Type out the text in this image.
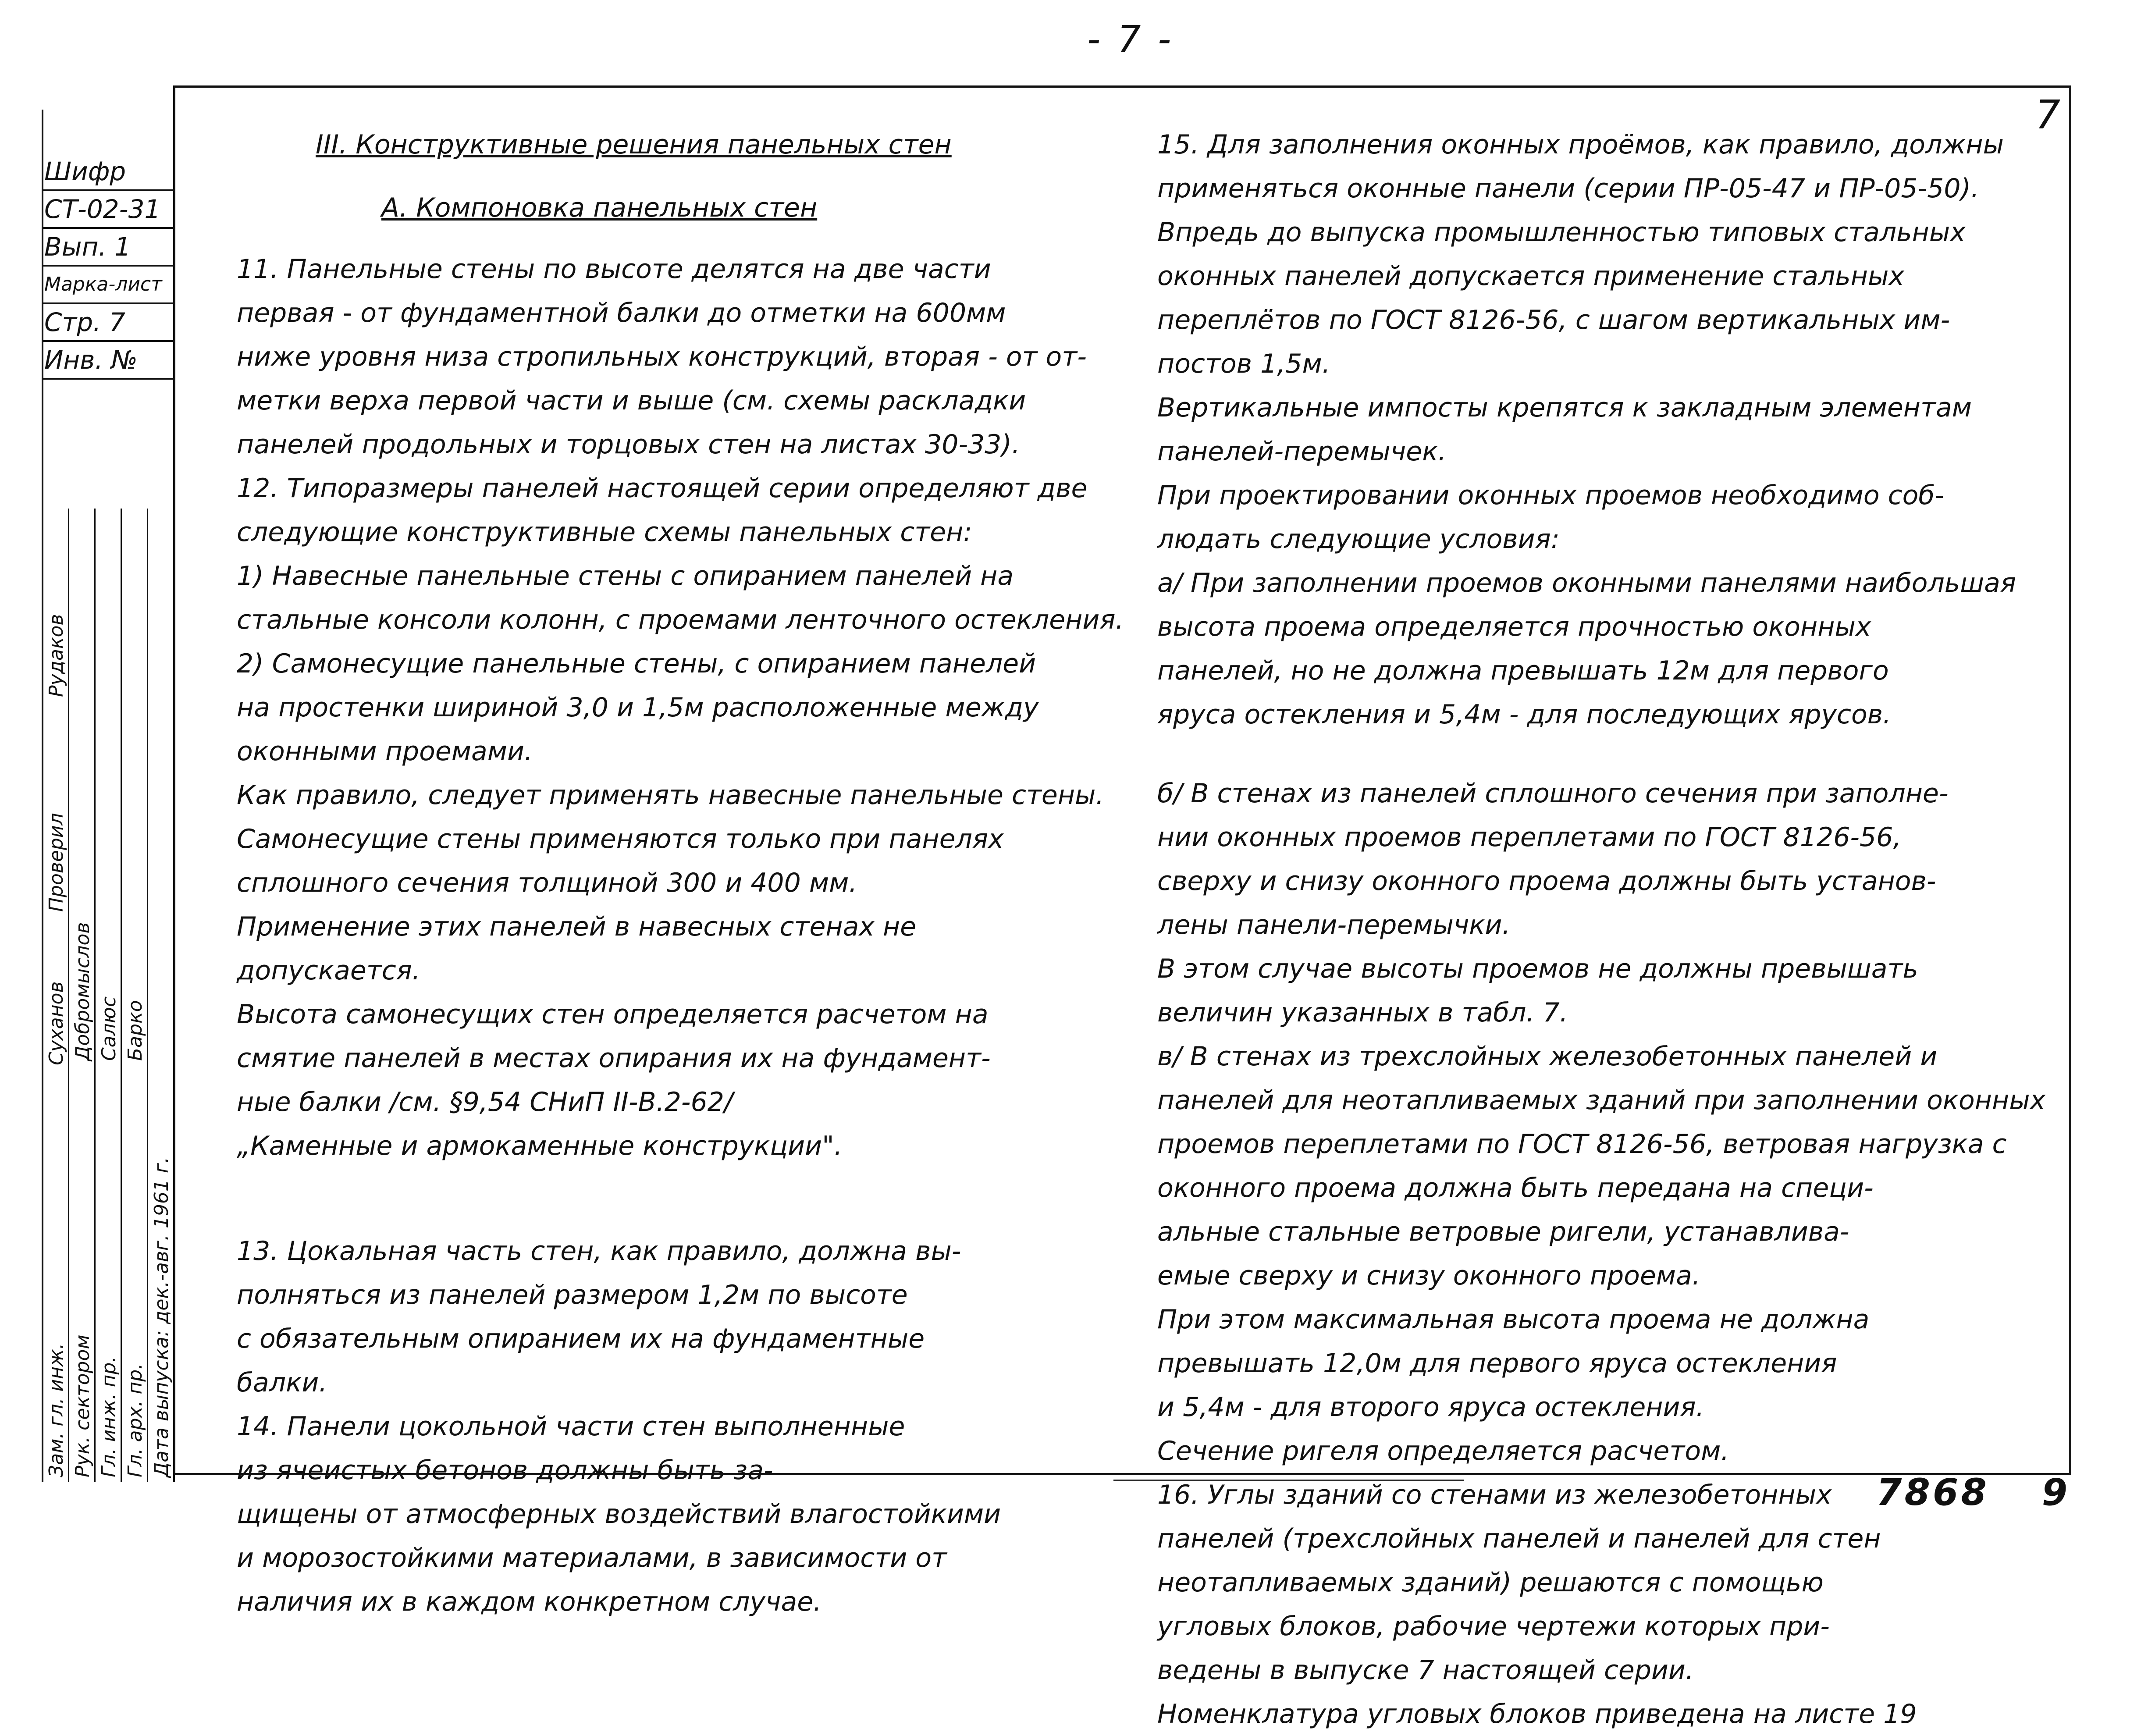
- 7 -
Шифр
СТ-02-31
Вып. 1
Марка-лист
Стр. 7
Инв. №
Зам. гл. инж. Рук. сектором Гл. инж. пр. Гл. арх. пр. Дата выпуска: дек.-авг. 1961 г.
Суханов Добромыслов Салюс Барко
Проверил
Рудаков
7

III. Конструктивные решения панельных стен

А. Компоновка панельных стен

11. Панельные стены по высоте делятся на две части

первая - от фундаментной балки до отметки на 600мм

ниже уровня низа стропильных конструкций, вторая - от от-

метки верха первой части и выше (см. схемы раскладки

панелей продольных и торцовых стен на листах 30-33).

12. Типоразмеры панелей настоящей серии определяют две

следующие конструктивные схемы панельных стен:

1) Навесные панельные стены с опиранием панелей на

стальные консоли колонн, с проемами ленточного остекления.

2) Самонесущие панельные стены, с опиранием панелей

на простенки шириной 3,0 и 1,5м расположенные между

оконными проемами.

Как правило, следует применять навесные панельные стены.

Самонесущие стены применяются только при панелях

сплошного сечения толщиной 300 и 400 мм.

Применение этих панелей в навесных стенах не

допускается.

Высота самонесущих стен определяется расчетом на

смятие панелей в местах опирания их на фундамент-

ные балки /см. §9,54 СНиП II-В.2-62/

„Каменные и армокаменные конструкции".

13. Цокальная часть стен, как правило, должна вы-

полняться из панелей размером 1,2м по высоте

с обязательным опиранием их на фундаментные

балки.

14. Панели цокольной части стен выполненные

из ячеистых бетонов должны быть за-

щищены от атмосферных воздействий влагостойкими

и морозостойкими материалами, в зависимости от

наличия их в каждом конкретном случае.

15. Для заполнения оконных проёмов, как правило, должны

применяться оконные панели (серии ПР-05-47 и ПР-05-50).

Впредь до выпуска промышленностью типовых стальных

оконных панелей допускается применение стальных

переплётов по ГОСТ 8126-56, с шагом вертикальных им-

постов 1,5м.

Вертикальные импосты крепятся к закладным элементам

панелей-перемычек.

При проектировании оконных проемов необходимо соб-

людать следующие условия:

а/ При заполнении проемов оконными панелями наибольшая

высота проема определяется прочностью оконных

панелей, но не должна превышать 12м для первого

яруса остекления и 5,4м - для последующих ярусов.

б/ В стенах из панелей сплошного сечения при заполне-

нии оконных проемов переплетами по ГОСТ 8126-56,

сверху и снизу оконного проема должны быть установ-

лены панели-перемычки.

В этом случае высоты проемов не должны превышать

величин указанных в табл. 7.

в/ В стенах из трехслойных железобетонных панелей и

панелей для неотапливаемых зданий при заполнении оконных

проемов переплетами по ГОСТ 8126-56, ветровая нагрузка с

оконного проема должна быть передана на специ-

альные стальные ветровые ригели, устанавлива-

емые сверху и снизу оконного проема.

При этом максимальная высота проема не должна

превышать 12,0м для первого яруса остекления

и 5,4м - для второго яруса остекления.

Сечение ригеля определяется расчетом.

16. Углы зданий со стенами из железобетонных

панелей (трехслойных панелей и панелей для стен

неотапливаемых зданий) решаются с помощью

угловых блоков, рабочие чертежи которых при-

ведены в выпуске 7 настоящей серии.

Номенклатура угловых блоков приведена на листе 19

7868 9
